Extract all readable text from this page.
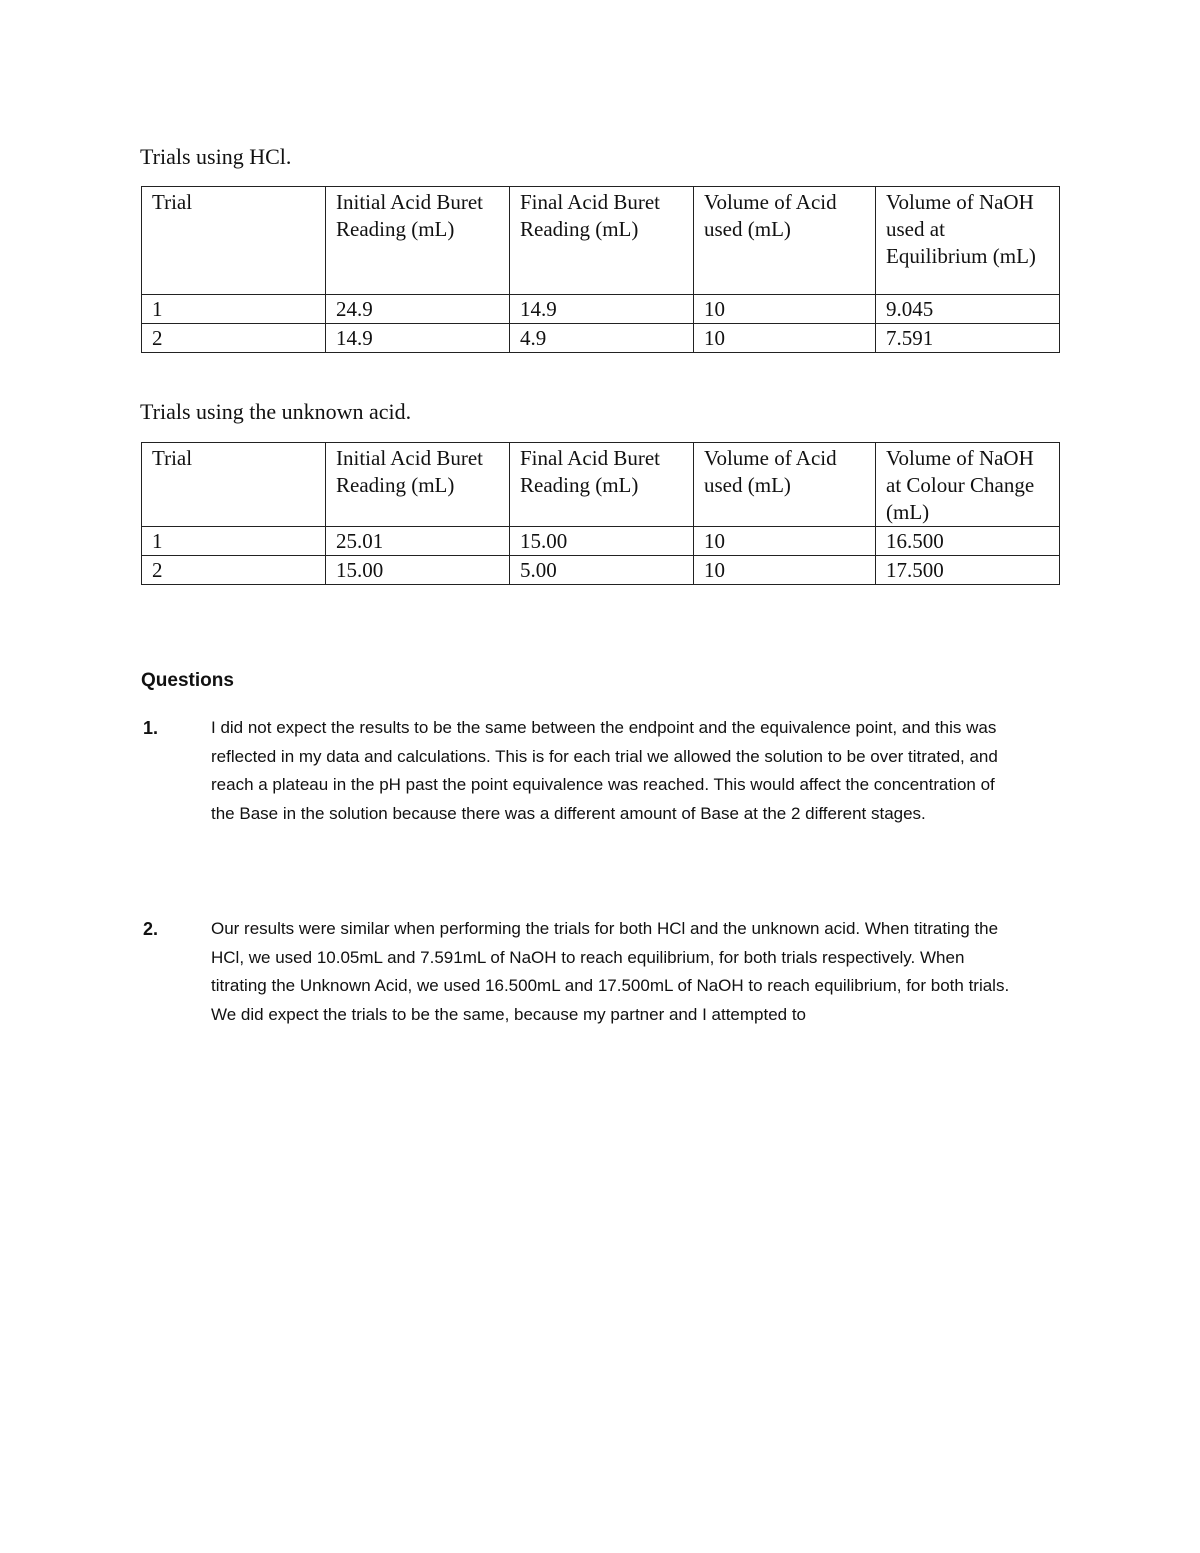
Trials using HCl.
Trial	Initial Acid Buret Reading (mL)	Final Acid Buret Reading (mL)	Volume of Acid used (mL)	Volume of NaOH used at Equilibrium (mL)
1	24.9	14.9	10	9.045
2	14.9	4.9	10	7.591
Trials using the unknown acid.
Trial	Initial Acid Buret Reading (mL)	Final Acid Buret Reading (mL)	Volume of Acid used (mL)	Volume of NaOH at Colour Change (mL)
1	25.01	15.00	10	16.500
2	15.00	5.00	10	17.500
Questions
1.	I did not expect the results to be the same between the endpoint and the equivalence point, and this was reflected in my data and calculations. This is for each trial we allowed the solution to be over titrated, and reach a plateau in the pH past the point equivalence was reached. This would affect the concentration of the Base in the solution because there was a different amount of Base at the 2 different stages.
2.	Our results were similar when performing the trials for both HCl and the unknown acid. When titrating the HCl, we used 10.05mL and 7.591mL of NaOH to reach equilibrium, for both trials respectively. When titrating the Unknown Acid, we used 16.500mL and 17.500mL of NaOH to reach equilibrium, for both trials. We did expect the trials to be the same, because my partner and I attempted to
